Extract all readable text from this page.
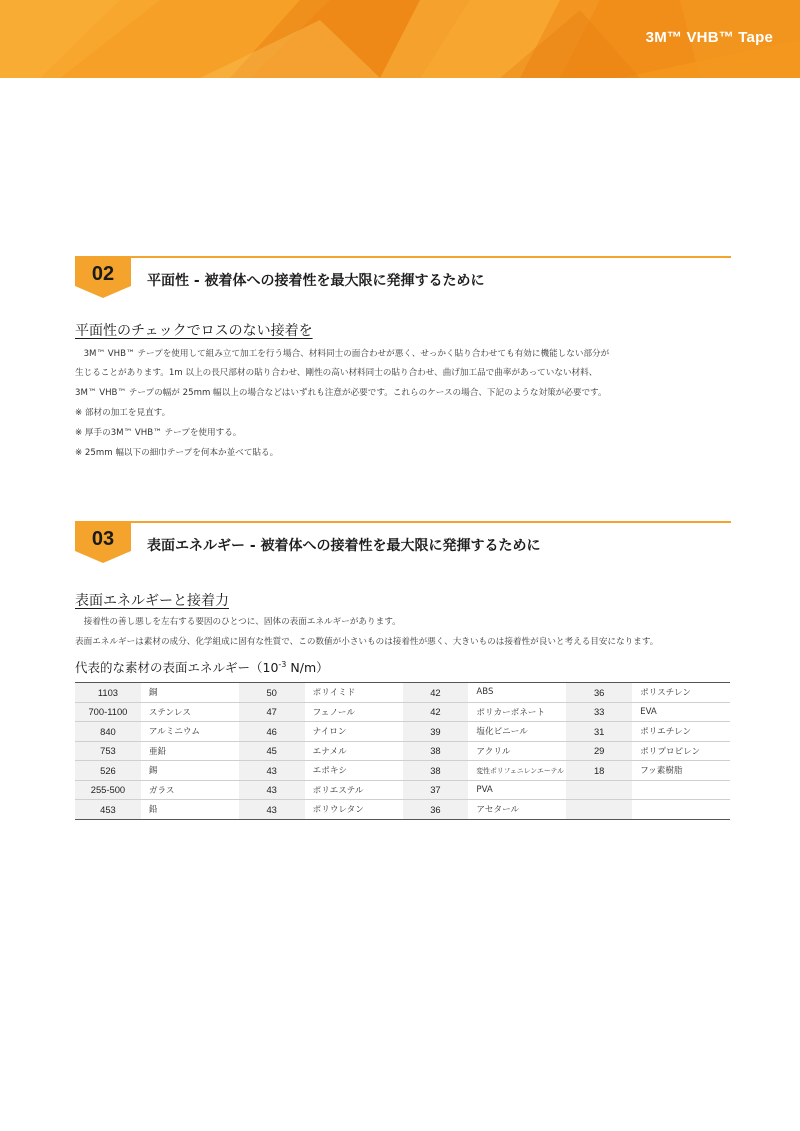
3M™ VHB™ Tape
02	平面性 - 被着体への接着性を最大限に発揮するために
平面性のチェックでロスのない接着を
　3M™ VHB™ テープを使用して組み立て加工を行う場合、材料同士の面合わせが悪く、せっかく貼り合わせても有効に機能しない部分が
生じることがあります。1m 以上の長尺部材の貼り合わせ、剛性の高い材料同士の貼り合わせ、曲げ加工品で曲率があっていない材料、
3M™ VHB™ テープの幅が 25mm 幅以上の場合などはいずれも注意が必要です。これらのケースの場合、下記のような対策が必要です。
※ 部材の加工を見直す。
※ 厚手の3M™ VHB™ テープを使用する。
※ 25mm 幅以下の細巾テープを何本か並べて貼る。
03	表面エネルギー - 被着体への接着性を最大限に発揮するために
表面エネルギーと接着力
　接着性の善し悪しを左右する要因のひとつに、固体の表面エネルギーがあります。
表面エネルギーは素材の成分、化学組成に固有な性質で、この数値が小さいものは接着性が悪く、大きいものは接着性が良いと考える目安になります。
代表的な素材の表面エネルギー（$10^{-3}$ N/m）
1103	銅	50	ポリイミド	42	ABS	36	ポリスチレン
700-1100	ステンレス	47	フェノール	42	ポリカーボネート	33	EVA
840	アルミニウム	46	ナイロン	39	塩化ビニール	31	ポリエチレン
753	亜鉛	45	エナメル	38	アクリル	29	ポリプロピレン
526	錫	43	エポキシ	38	変性ポリフェニレンエーテル	18	フッ素樹脂
255-500	ガラス	43	ポリエステル	37	PVA
453	鉛	43	ポリウレタン	36	アセタール
